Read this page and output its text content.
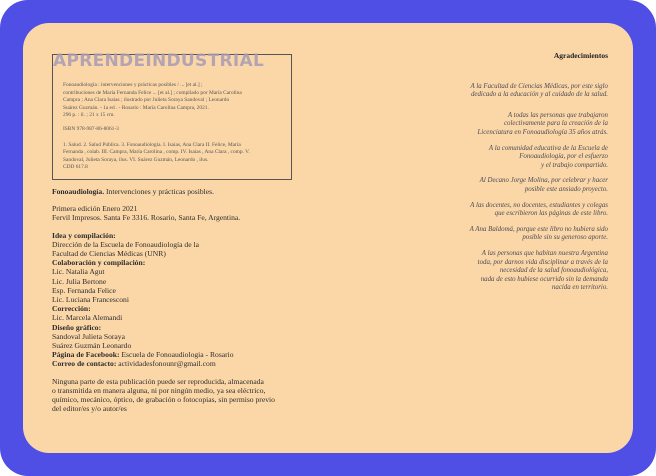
Fonoaudiología : intervenciones y prácticas posibles / ... [et al.] ;
contribuciones de María Fernanda Felice ... [et al.] ; compilado por María Carolina
Campra ; Ana Clara Isaias ; ilustrado por Julieta Soraya Sandoval ; Leonardo
Suárez Guzmán. - 1a ed . - Rosario : María Carolina Campra, 2021.
296 p. : il. ; 21 x 15 cm.

ISBN 978-987-86-8061-3

1. Salud. 2. Salud Pública. 3. Fonoaudiología. I. Isaias, Ana Clara II. Felice, María
Fernanda , colab. III. Campra, María Carolina , comp. IV. Isaias , Ana Clara , comp. V.
Sandoval, Julieta Soraya, ilus. VI. Suárez Guzmán, Leonardo , ilus.
CDD 617.8

APRENDEINDUSTRIAL

Fonoaudiología. Intervenciones y prácticas posibles.

Primera edición Enero 2021

Fervil Impresos. Santa Fe 3316. Rosario, Santa Fe, Argentina.

Idea y compilación:

Dirección de la Escuela de Fonoaudiología de la

Facultad de Ciencias Médicas (UNR)

Colaboración y compilación:

Lic. Natalia Agut

Lic. Julia Bertone

Esp. Fernanda Felice

Lic. Luciana Francesconi

Corrección:

Lic. Marcela Alemandi

Diseño gráfico:

Sandoval Julieta Soraya

Suárez Guzmán Leonardo

Página de Facebook: Escuela de Fonoaudiologia - Rosario

Correo de contacto: actividadesfonounr@gmail.com

Ninguna parte de esta publicación puede ser reproducida, almacenada

o transmitida en manera alguna, ni por ningún medio, ya sea eléctrico,

químico, mecánico, óptico, de grabación o fotocopias, sin permiso previo

del editor/es y/o autor/es

Agradecimientos

A la Facultad de Ciencias Médicas, por este siglo
dedicado a la educación y al cuidado de la salud.

A todas las personas que trabajaron
colectivamente para la creación de la
Licenciatura en Fonoaudiología 35 años atrás.

A la comunidad educativa de la Escuela de
Fonoaudiología, por el esfuerzo
y el trabajo compartido.

Al Decano Jorge Molina, por celebrar y hacer
posible este ansiado proyecto.

A las docentes, no docentes, estudiantes y colegas
que escribieron las páginas de este libro.

A Ana Baldomá, porque este libro no hubiera sido
posible sin su generoso aporte.

A las personas que habitan nuestra Argentina
toda, por darnos vida disciplinar a través de la
necesidad de la salud fonoaudiológica,
nada de esto hubiese ocurrido sin la demanda
nacida en territorio.
